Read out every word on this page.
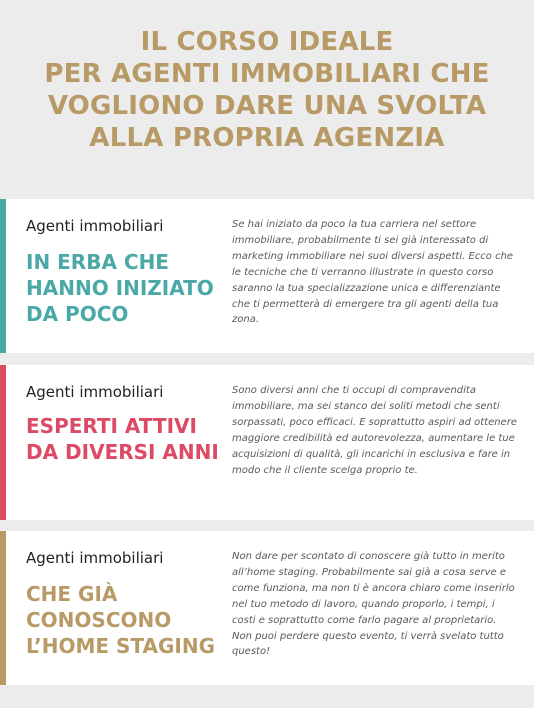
IL CORSO IDEALE
PER AGENTI IMMOBILIARI CHE
VOGLIONO DARE UNA SVOLTA
ALLA PROPRIA AGENZIA
Agenti immobiliari
IN ERBA CHE
HANNO INIZIATO
DA POCO

Se hai iniziato da poco la tua carriera nel settore immobiliare, probabilmente ti sei già interessato di marketing immobiliare nei suoi diversi aspetti. Ecco che le tecniche che ti verranno illustrate in questo corso saranno la tua specializzazione unica e differenziante che ti permetterà di emergere tra gli agenti della tua zona.

Agenti immobiliari
ESPERTI ATTIVI
DA DIVERSI ANNI

Sono diversi anni che ti occupi di compravendita immobiliare, ma sei stanco dei soliti metodi che senti sorpassati, poco efficaci. E soprattutto aspiri ad ottenere maggiore credibilità ed autorevolezza, aumentare le tue acquisizioni di qualità, gli incarichi in esclusiva e fare in modo che il cliente scelga proprio te.

Agenti immobiliari
CHE GIÀ
CONOSCONO
L’HOME STAGING

Non dare per scontato di conoscere già tutto in merito all’home staging. Probabilmente sai già a cosa serve e come funziona, ma non ti è ancora chiaro come inserirlo nel tuo metodo di lavoro, quando proporlo, i tempi, i costi e soprattutto come farlo pagare al proprietario. Non puoi perdere questo evento, ti verrà svelato tutto questo!
